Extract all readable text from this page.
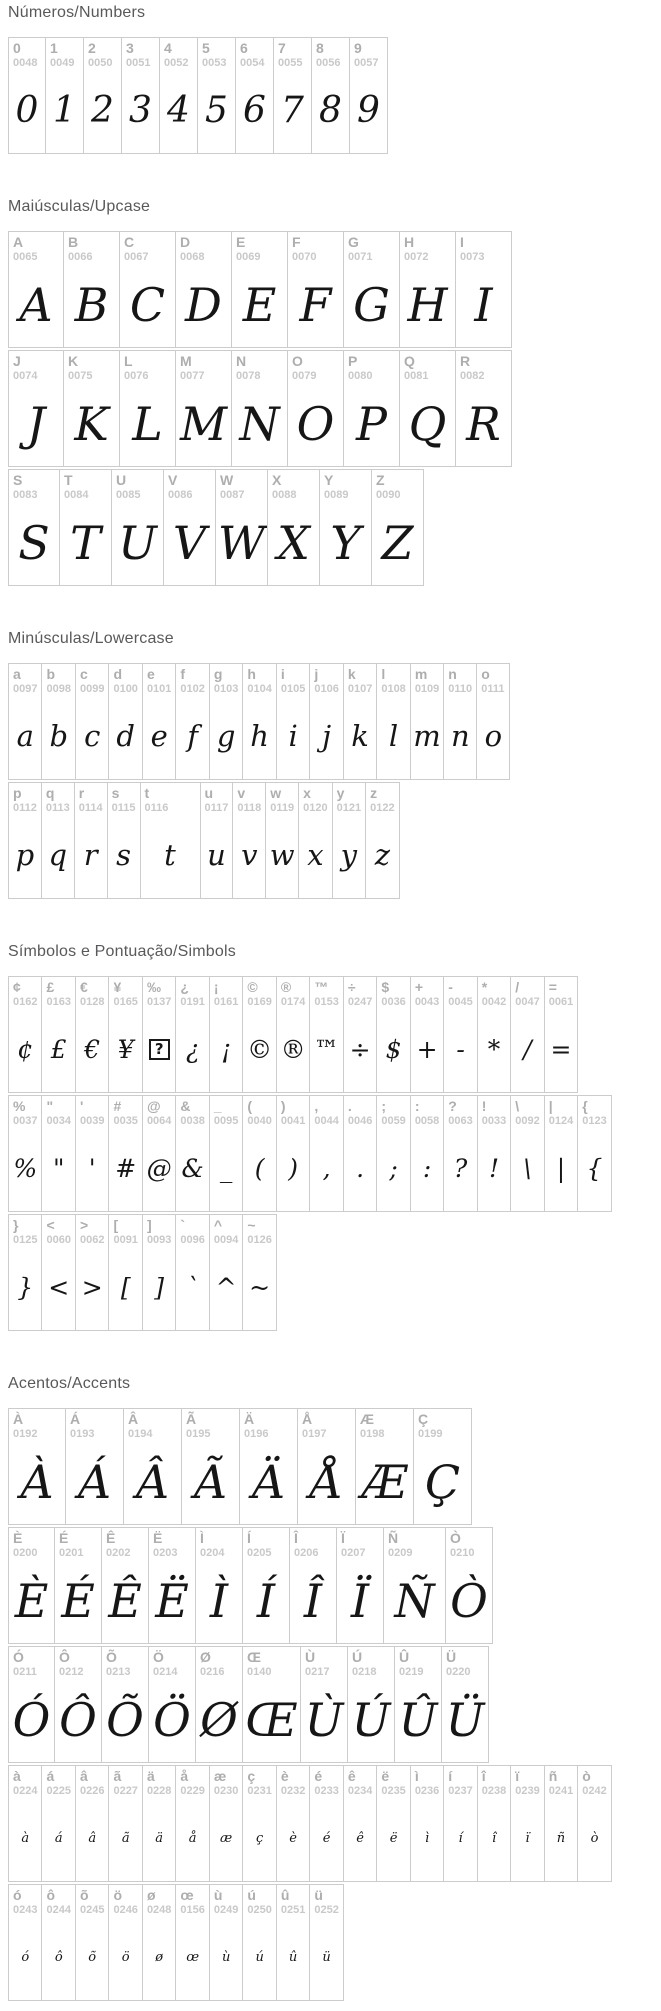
Números/Numbers
0
0048
0
1
0049
1
2
0050
2
3
0051
3
4
0052
4
5
0053
5
6
0054
6
7
0055
7
8
0056
8
9
0057
9
Maiúsculas/Upcase
A
0065
A
B
0066
B
C
0067
C
D
0068
D
E
0069
E
F
0070
F
G
0071
G
H
0072
H
I
0073
I
J
0074
J
K
0075
K
L
0076
L
M
0077
M
N
0078
N
O
0079
O
P
0080
P
Q
0081
Q
R
0082
R
S
0083
S
T
0084
T
U
0085
U
V
0086
V
W
0087
W
X
0088
X
Y
0089
Y
Z
0090
Z
Minúsculas/Lowercase
a
0097
a
b
0098
b
c
0099
c
d
0100
d
e
0101
e
f
0102
f
g
0103
g
h
0104
h
i
0105
i
j
0106
j
k
0107
k
l
0108
l
m
0109
m
n
0110
n
o
0111
o
p
0112
p
q
0113
q
r
0114
r
s
0115
s
t
0116
t
u
0117
u
v
0118
v
w
0119
w
x
0120
x
y
0121
y
z
0122
z
Símbolos e Pontuação/Simbols
¢
0162
¢
£
0163
£
€
0128
€
¥
0165
¥
‰
0137
?
¿
0191
¿
¡
0161
¡
©
0169
©
®
0174
®
™
0153
™
÷
0247
÷
$
0036
$
+
0043
+
-
0045
-
*
0042
*
/
0047
/
=
0061
=
%
0037
%
"
0034
"
'
0039
'
#
0035
#
@
0064
@
&
0038
&
_
0095
_
(
0040
(
)
0041
)
,
0044
,
.
0046
.
;
0059
;
:
0058
:
?
0063
?
!
0033
!
\
0092
\
|
0124
|
{
0123
{
}
0125
}
<
0060
<
>
0062
>
[
0091
[
]
0093
]
`
0096
`
^
0094
^
~
0126
~
Acentos/Accents
À
0192
À
Á
0193
Á
Â
0194
Â
Ã
0195
Ã
Ä
0196
Ä
Å
0197
Å
Æ
0198
Æ
Ç
0199
Ç
È
0200
È
É
0201
É
Ê
0202
Ê
Ë
0203
Ë
Ì
0204
Ì
Í
0205
Í
Î
0206
Î
Ï
0207
Ï
Ñ
0209
Ñ
Ò
0210
Ò
Ó
0211
Ó
Ô
0212
Ô
Õ
0213
Õ
Ö
0214
Ö
Ø
0216
Ø
Œ
0140
Œ
Ù
0217
Ù
Ú
0218
Ú
Û
0219
Û
Ü
0220
Ü
à
0224
à
á
0225
á
â
0226
â
ã
0227
ã
ä
0228
ä
å
0229
å
æ
0230
æ
ç
0231
ç
è
0232
è
é
0233
é
ê
0234
ê
ë
0235
ë
ì
0236
ì
í
0237
í
î
0238
î
ï
0239
ï
ñ
0241
ñ
ò
0242
ò
ó
0243
ó
ô
0244
ô
õ
0245
õ
ö
0246
ö
ø
0248
ø
œ
0156
œ
ù
0249
ù
ú
0250
ú
û
0251
û
ü
0252
ü
